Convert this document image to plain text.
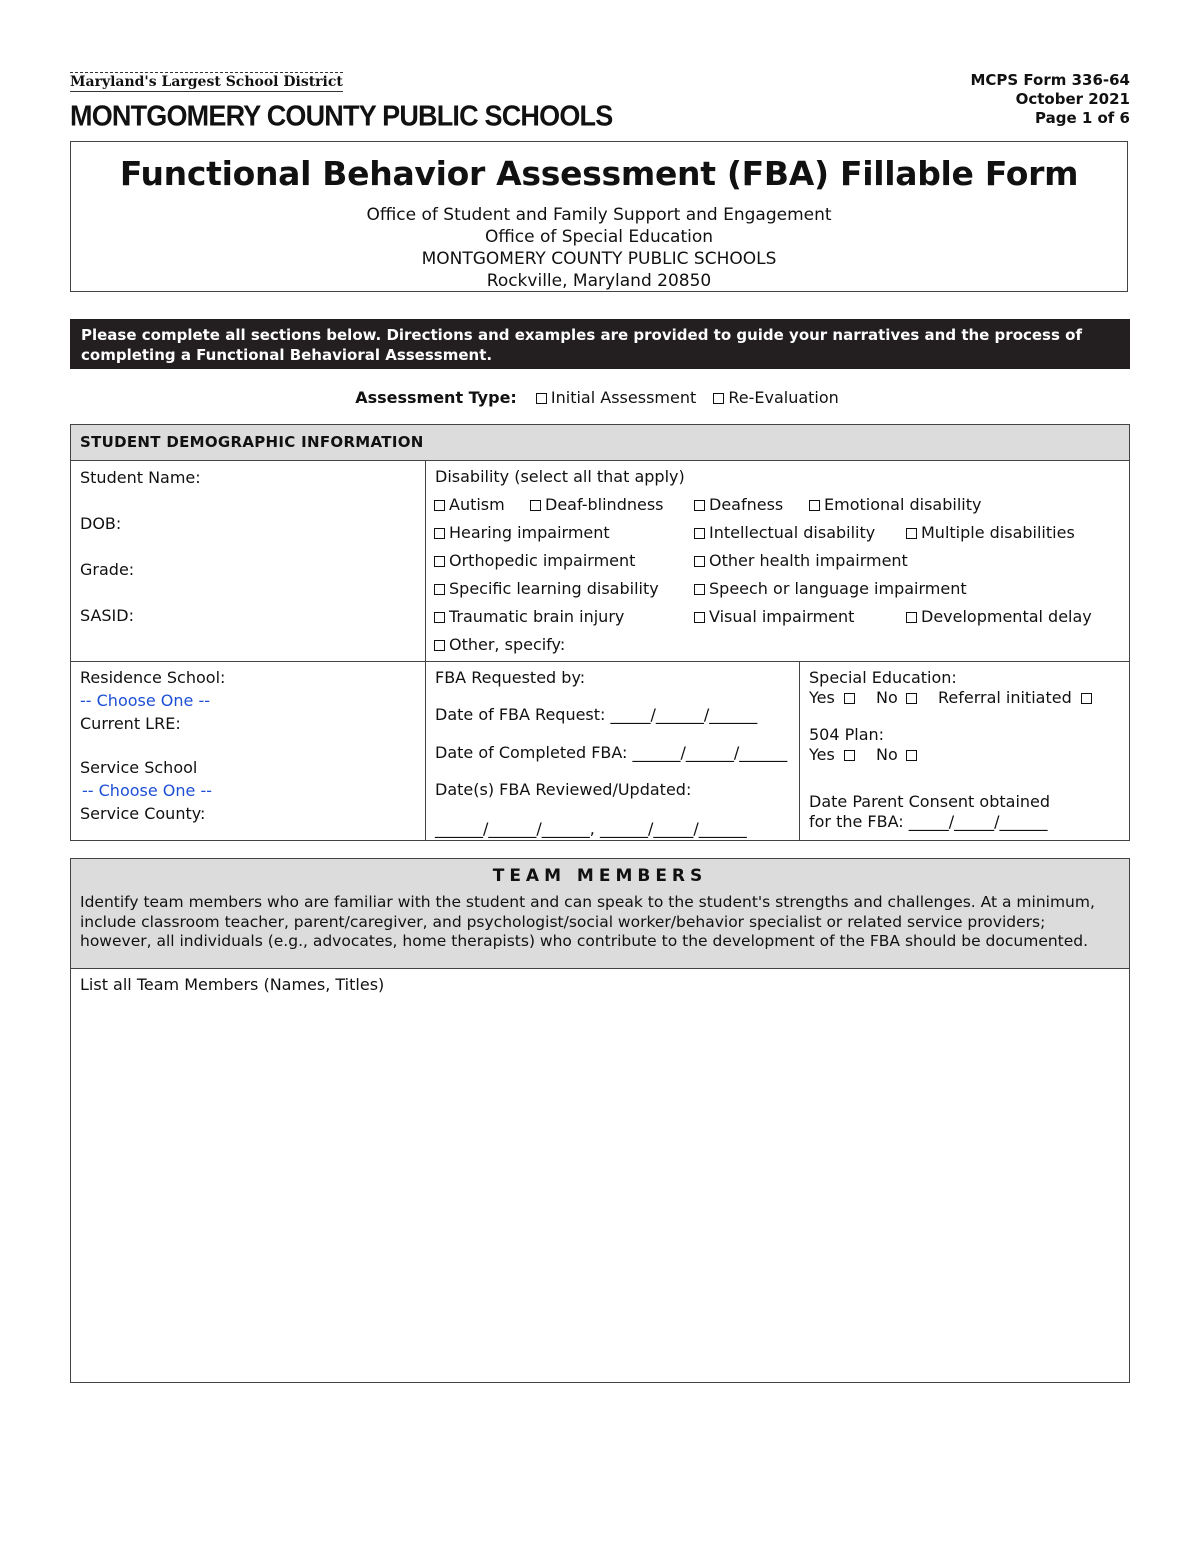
Maryland's Largest School District
MONTGOMERY COUNTY PUBLIC SCHOOLS
MCPS Form 336-64
October 2021
Page 1 of 6
Functional Behavior Assessment (FBA) Fillable Form
Office of Student and Family Support and Engagement
Office of Special Education
MONTGOMERY COUNTY PUBLIC SCHOOLS
Rockville, Maryland 20850
Please complete all sections below. Directions and examples are provided to guide your narratives and the process of completing a Functional Behavioral Assessment.
Assessment Type: Initial Assessment Re-Evaluation
STUDENT DEMOGRAPHIC INFORMATION
Student Name:
DOB:
Grade:
SASID:
Disability (select all that apply)
Autism	Deaf-blindness	Deafness	Emotional disability
Hearing impairment	Intellectual disability	Multiple disabilities
Orthopedic impairment	Other health impairment
Specific learning disability	Speech or language impairment
Traumatic brain injury	Visual impairment	Developmental delay
Other, specify:
Residence School:
-- Choose One --
Current LRE:
Service School
-- Choose One --
Service County:
FBA Requested by:
Date of FBA Request: _____/______/______
Date of Completed FBA: ______/______/______
Date(s) FBA Reviewed/Updated:
______/______/______, ______/_____/______
Special Education:
Yes	No	Referral initiated
504 Plan:
Yes	No
Date Parent Consent obtained
for the FBA: _____/_____/______
TEAM MEMBERS
Identify team members who are familiar with the student and can speak to the student's strengths and challenges. At a minimum, include classroom teacher, parent/caregiver, and psychologist/social worker/behavior specialist or related service providers; however, all individuals (e.g., advocates, home therapists) who contribute to the development of the FBA should be documented.
List all Team Members (Names, Titles)
